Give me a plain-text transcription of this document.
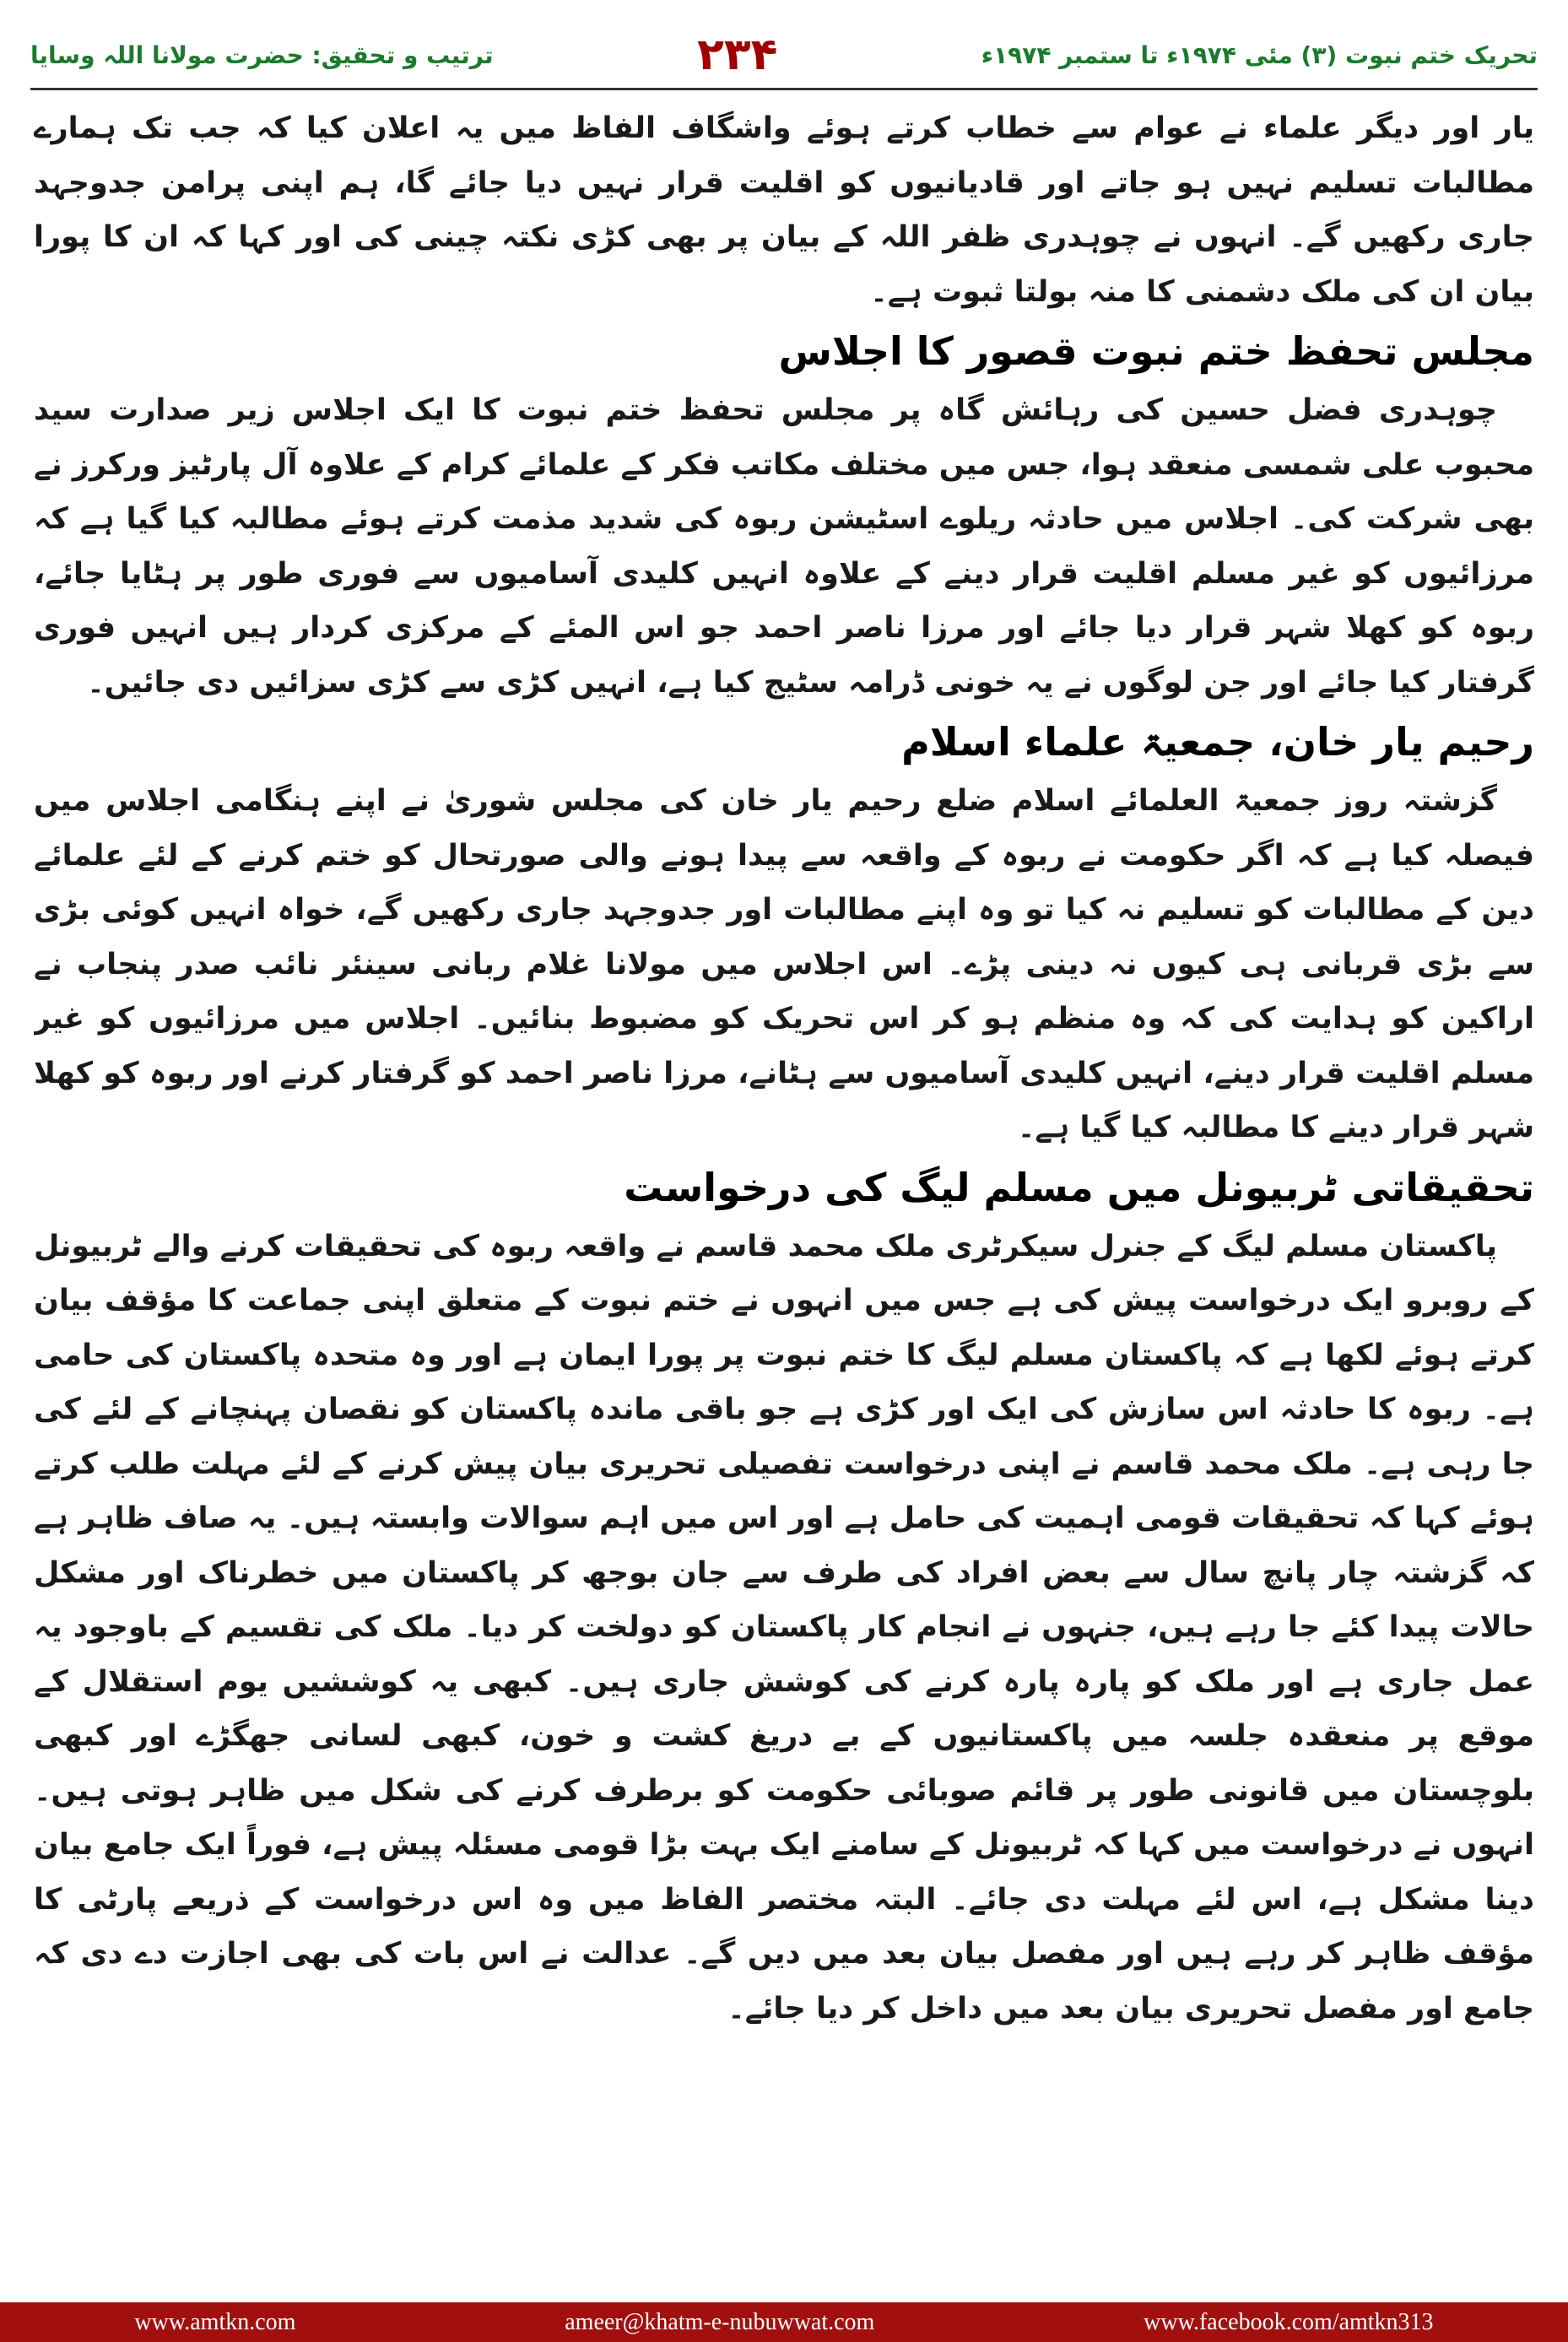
تحریک ختم نبوت (۳) مئی ۱۹۷۴ء تا ستمبر ۱۹۷۴ء
۲۳۴
ترتیب و تحقیق: حضرت مولانا اللہ وسایا

یار اور دیگر علماء نے عوام سے خطاب کرتے ہوئے واشگاف الفاظ میں یہ اعلان کیا کہ جب تک ہمارے مطالبات تسلیم نہیں ہو جاتے اور قادیانیوں کو اقلیت قرار نہیں دیا جائے گا، ہم اپنی پرامن جدوجہد جاری رکھیں گے۔ انہوں نے چوہدری ظفر اللہ کے بیان پر بھی کڑی نکتہ چینی کی اور کہا کہ ان کا پورا بیان ان کی ملک دشمنی کا منہ بولتا ثبوت ہے۔

مجلس تحفظ ختم نبوت قصور کا اجلاس

چوہدری فضل حسین کی رہائش گاہ پر مجلس تحفظ ختم نبوت کا ایک اجلاس زیر صدارت سید محبوب علی شمسی منعقد ہوا، جس میں مختلف مکاتب فکر کے علمائے کرام کے علاوہ آل پارٹیز ورکرز نے بھی شرکت کی۔ اجلاس میں حادثہ ریلوے اسٹیشن ربوہ کی شدید مذمت کرتے ہوئے مطالبہ کیا گیا ہے کہ مرزائیوں کو غیر مسلم اقلیت قرار دینے کے علاوہ انہیں کلیدی آسامیوں سے فوری طور پر ہٹایا جائے، ربوہ کو کھلا شہر قرار دیا جائے اور مرزا ناصر احمد جو اس المئے کے مرکزی کردار ہیں انہیں فوری گرفتار کیا جائے اور جن لوگوں نے یہ خونی ڈرامہ سٹیج کیا ہے، انہیں کڑی سے کڑی سزائیں دی جائیں۔

رحیم یار خان، جمعیۃ علماء اسلام

گزشتہ روز جمعیۃ العلمائے اسلام ضلع رحیم یار خان کی مجلس شوریٰ نے اپنے ہنگامی اجلاس میں فیصلہ کیا ہے کہ اگر حکومت نے ربوہ کے واقعہ سے پیدا ہونے والی صورتحال کو ختم کرنے کے لئے علمائے دین کے مطالبات کو تسلیم نہ کیا تو وہ اپنے مطالبات اور جدوجہد جاری رکھیں گے، خواہ انہیں کوئی بڑی سے بڑی قربانی ہی کیوں نہ دینی پڑے۔ اس اجلاس میں مولانا غلام ربانی سینئر نائب صدر پنجاب نے اراکین کو ہدایت کی کہ وہ منظم ہو کر اس تحریک کو مضبوط بنائیں۔ اجلاس میں مرزائیوں کو غیر مسلم اقلیت قرار دینے، انہیں کلیدی آسامیوں سے ہٹانے، مرزا ناصر احمد کو گرفتار کرنے اور ربوہ کو کھلا شہر قرار دینے کا مطالبہ کیا گیا ہے۔

تحقیقاتی ٹربیونل میں مسلم لیگ کی درخواست

پاکستان مسلم لیگ کے جنرل سیکرٹری ملک محمد قاسم نے واقعہ ربوہ کی تحقیقات کرنے والے ٹربیونل کے روبرو ایک درخواست پیش کی ہے جس میں انہوں نے ختم نبوت کے متعلق اپنی جماعت کا مؤقف بیان کرتے ہوئے لکھا ہے کہ پاکستان مسلم لیگ کا ختم نبوت پر پورا ایمان ہے اور وہ متحدہ پاکستان کی حامی ہے۔ ربوہ کا حادثہ اس سازش کی ایک اور کڑی ہے جو باقی ماندہ پاکستان کو نقصان پہنچانے کے لئے کی جا رہی ہے۔ ملک محمد قاسم نے اپنی درخواست تفصیلی تحریری بیان پیش کرنے کے لئے مہلت طلب کرتے ہوئے کہا کہ تحقیقات قومی اہمیت کی حامل ہے اور اس میں اہم سوالات وابستہ ہیں۔ یہ صاف ظاہر ہے کہ گزشتہ چار پانچ سال سے بعض افراد کی طرف سے جان بوجھ کر پاکستان میں خطرناک اور مشکل حالات پیدا کئے جا رہے ہیں، جنہوں نے انجام کار پاکستان کو دولخت کر دیا۔ ملک کی تقسیم کے باوجود یہ عمل جاری ہے اور ملک کو پارہ پارہ کرنے کی کوشش جاری ہیں۔ کبھی یہ کوششیں یوم استقلال کے موقع پر منعقدہ جلسہ میں پاکستانیوں کے بے دریغ کشت و خون، کبھی لسانی جھگڑے اور کبھی بلوچستان میں قانونی طور پر قائم صوبائی حکومت کو برطرف کرنے کی شکل میں ظاہر ہوتی ہیں۔ انہوں نے درخواست میں کہا کہ ٹربیونل کے سامنے ایک بہت بڑا قومی مسئلہ پیش ہے، فوراً ایک جامع بیان دینا مشکل ہے، اس لئے مہلت دی جائے۔ البتہ مختصر الفاظ میں وہ اس درخواست کے ذریعے پارٹی کا مؤقف ظاہر کر رہے ہیں اور مفصل بیان بعد میں دیں گے۔ عدالت نے اس بات کی بھی اجازت دے دی کہ جامع اور مفصل تحریری بیان بعد میں داخل کر دیا جائے۔

www.amtkn.com	ameer@khatm-e-nubuwwat.com	www.facebook.com/amtkn313
